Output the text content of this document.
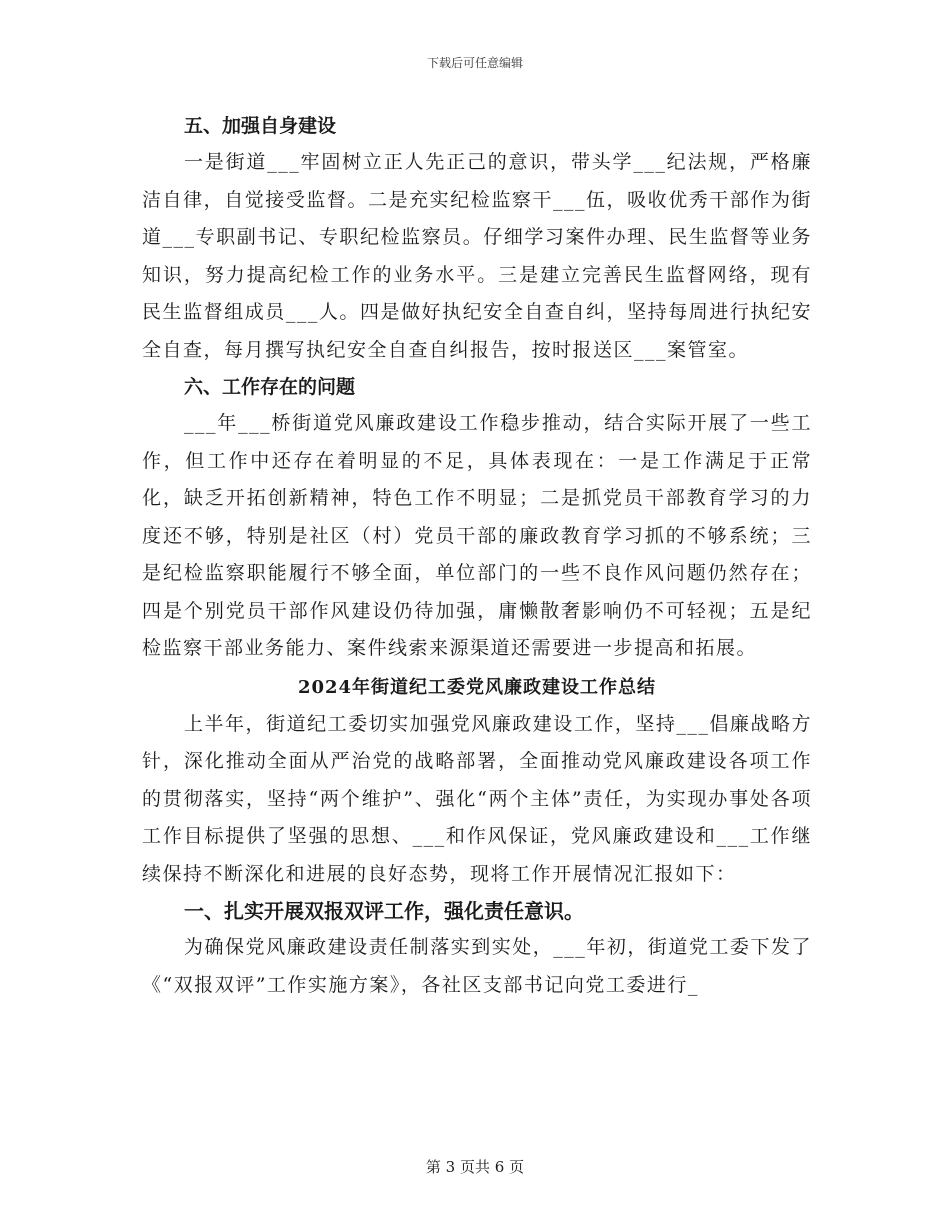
下载后可任意编辑

五、加强自身建设

一是街道___牢固树立正人先正己的意识，带头学___纪法规，严格廉洁自律，自觉接受监督。二是充实纪检监察干___伍，吸收优秀干部作为街道___专职副书记、专职纪检监察员。仔细学习案件办理、民生监督等业务知识，努力提高纪检工作的业务水平。三是建立完善民生监督网络，现有民生监督组成员___人。四是做好执纪安全自查自纠，坚持每周进行执纪安全自查，每月撰写执纪安全自查自纠报告，按时报送区___案管室。

六、工作存在的问题

___年___桥街道党风廉政建设工作稳步推动，结合实际开展了一些工作，但工作中还存在着明显的不足，具体表现在：一是工作满足于正常化，缺乏开拓创新精神，特色工作不明显；二是抓党员干部教育学习的力度还不够，特别是社区（村）党员干部的廉政教育学习抓的不够系统；三是纪检监察职能履行不够全面，单位部门的一些不良作风问题仍然存在；四是个别党员干部作风建设仍待加强，庸懒散奢影响仍不可轻视；五是纪检监察干部业务能力、案件线索来源渠道还需要进一步提高和拓展。

2024年街道纪工委党风廉政建设工作总结

上半年，街道纪工委切实加强党风廉政建设工作，坚持___倡廉战略方针，深化推动全面从严治党的战略部署，全面推动党风廉政建设各项工作的贯彻落实，坚持“两个维护”、强化“两个主体”责任，为实现办事处各项工作目标提供了坚强的思想、___和作风保证，党风廉政建设和___工作继续保持不断深化和进展的良好态势，现将工作开展情况汇报如下：

一、扎实开展双报双评工作，强化责任意识。

为确保党风廉政建设责任制落实到实处，___年初，街道党工委下发了《“双报双评”工作实施方案》，各社区支部书记向党工委进行_

第 3 页共 6 页
